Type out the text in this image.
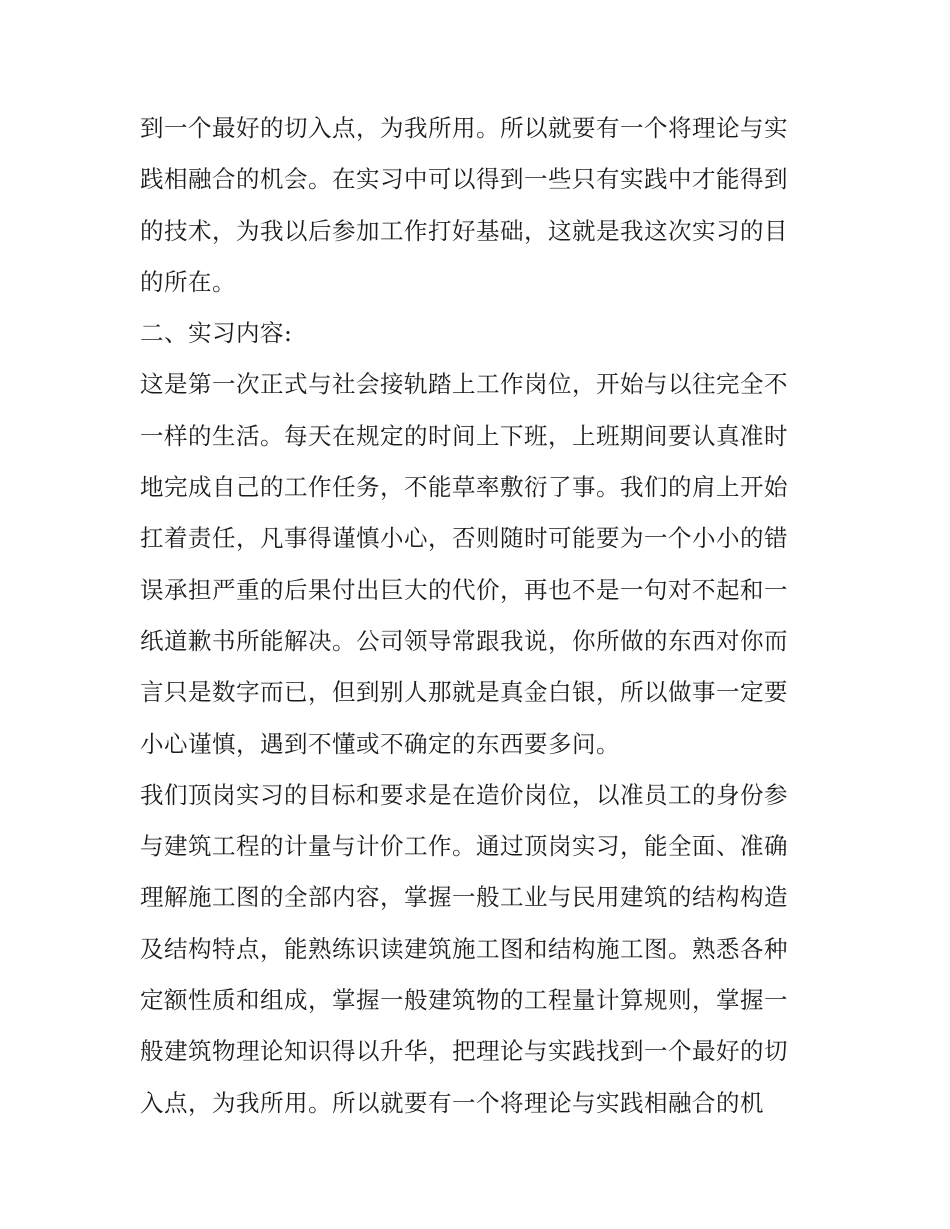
到一个最好的切入点，为我所用。所以就要有一个将理论与实
践相融合的机会。在实习中可以得到一些只有实践中才能得到
的技术，为我以后参加工作打好基础，这就是我这次实习的目
的所在。
二、实习内容:
这是第一次正式与社会接轨踏上工作岗位，开始与以往完全不
一样的生活。每天在规定的时间上下班，上班期间要认真准时
地完成自己的工作任务，不能草率敷衍了事。我们的肩上开始
扛着责任，凡事得谨慎小心，否则随时可能要为一个小小的错
误承担严重的后果付出巨大的代价，再也不是一句对不起和一
纸道歉书所能解决。公司领导常跟我说，你所做的东西对你而
言只是数字而已，但到别人那就是真金白银，所以做事一定要
小心谨慎，遇到不懂或不确定的东西要多问。
我们顶岗实习的目标和要求是在造价岗位，以准员工的身份参
与建筑工程的计量与计价工作。通过顶岗实习，能全面、准确
理解施工图的全部内容，掌握一般工业与民用建筑的结构构造
及结构特点，能熟练识读建筑施工图和结构施工图。熟悉各种
定额性质和组成，掌握一般建筑物的工程量计算规则，掌握一
般建筑物理论知识得以升华，把理论与实践找到一个最好的切
入点，为我所用。所以就要有一个将理论与实践相融合的机
